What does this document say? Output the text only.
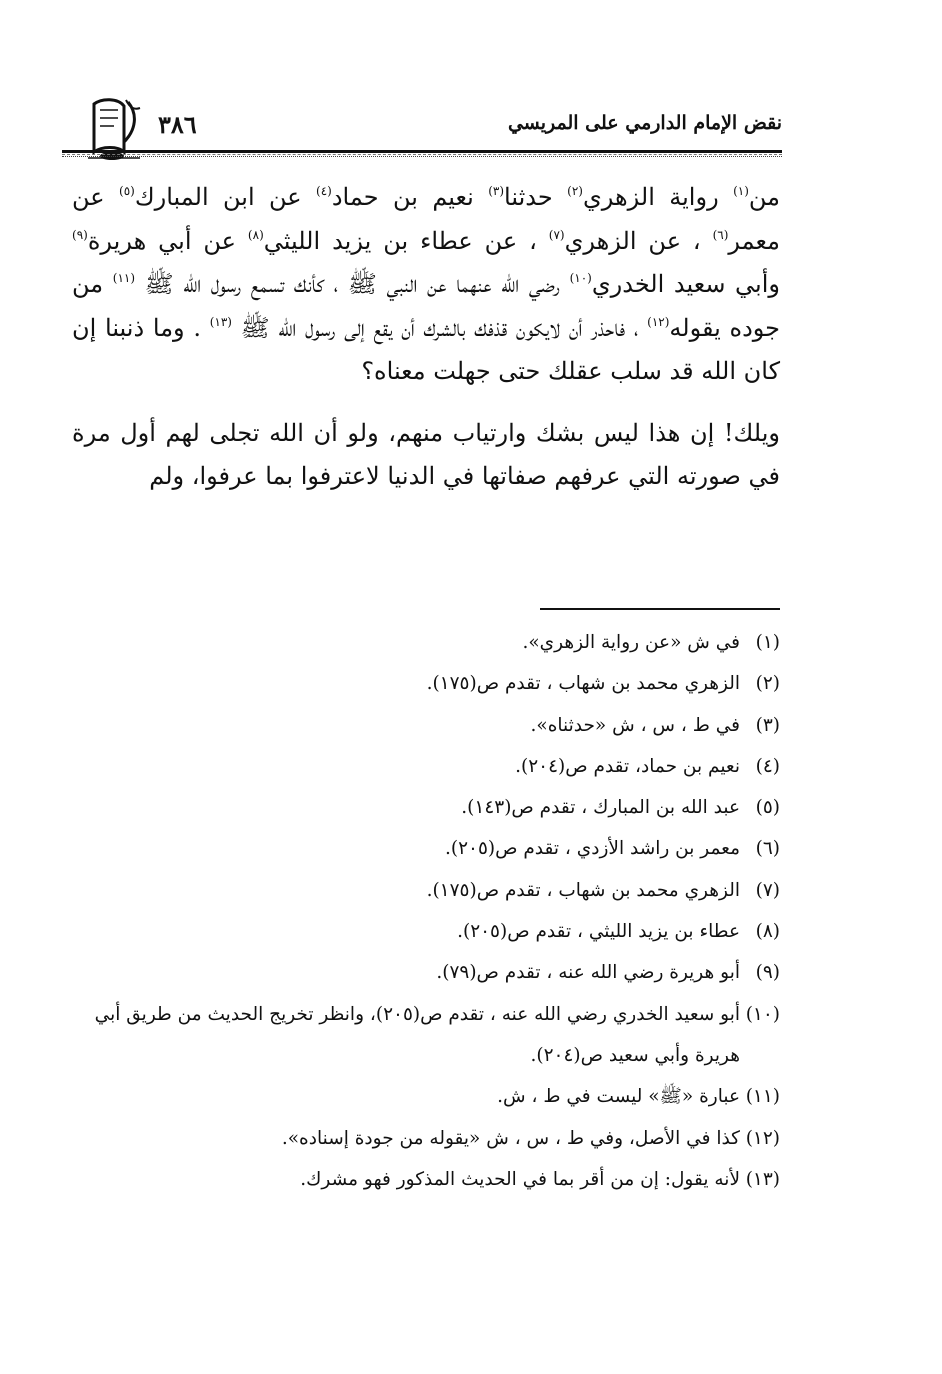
نقض الإمام الدارمي على المريسي
٣٨٦

من$^{(١)}$ رواية الزهري$^{(٢)}$ حدثنا$^{(٣)}$ نعيم بن حماد$^{(٤)}$ عن ابن المبارك$^{(٥)}$ عن معمر$^{(٦)}$ ، عن الزهري$^{(٧)}$ ، عن عطاء بن يزيد الليثي$^{(٨)}$ عن أبي هريرة$^{(٩)}$ وأبي سعيد الخدري$^{(١٠)}$ رضي الله عنهما عن النبي ﷺ ، كأنك تسمع رسول الله ﷺ $^{(١١)}$ من جوده يقوله$^{(١٢)}$ ، فاحذر أن لايكون قذفك بالشرك أن يقع إلى رسول الله ﷺ $^{(١٣)}$ . وما ذنبنا إن كان الله قد سلب عقلك حتى جهلت معناه؟

ويلك! إن هذا ليس بشك وارتياب منهم، ولو أن الله تجلى لهم أول مرة في صورته التي عرفهم صفاتها في الدنيا لاعترفوا بما عرفوا، ولم

(١)
في ش «عن رواية الزهري».
(٢)
الزهري محمد بن شهاب ، تقدم ص(١٧٥).
(٣)
في ط ، س ، ش «حدثناه».
(٤)
نعيم بن حماد، تقدم ص(٢٠٤).
(٥)
عبد الله بن المبارك ، تقدم ص(١٤٣).
(٦)
معمر بن راشد الأزدي ، تقدم ص(٢٠٥).
(٧)
الزهري محمد بن شهاب ، تقدم ص(١٧٥).
(٨)
عطاء بن يزيد الليثي ، تقدم ص(٢٠٥).
(٩)
أبو هريرة رضي الله عنه ، تقدم ص(٧٩).
(١٠)
أبو سعيد الخدري رضي الله عنه ، تقدم ص(٢٠٥)، وانظر تخريج الحديث من طريق أبي هريرة وأبي سعيد ص(٢٠٤).
(١١)
عبارة «ﷺ» ليست في ط ، ش.
(١٢)
كذا في الأصل، وفي ط ، س ، ش «يقوله من جودة إسناده».
(١٣)
لأنه يقول: إن من أقر بما في الحديث المذكور فهو مشرك.
